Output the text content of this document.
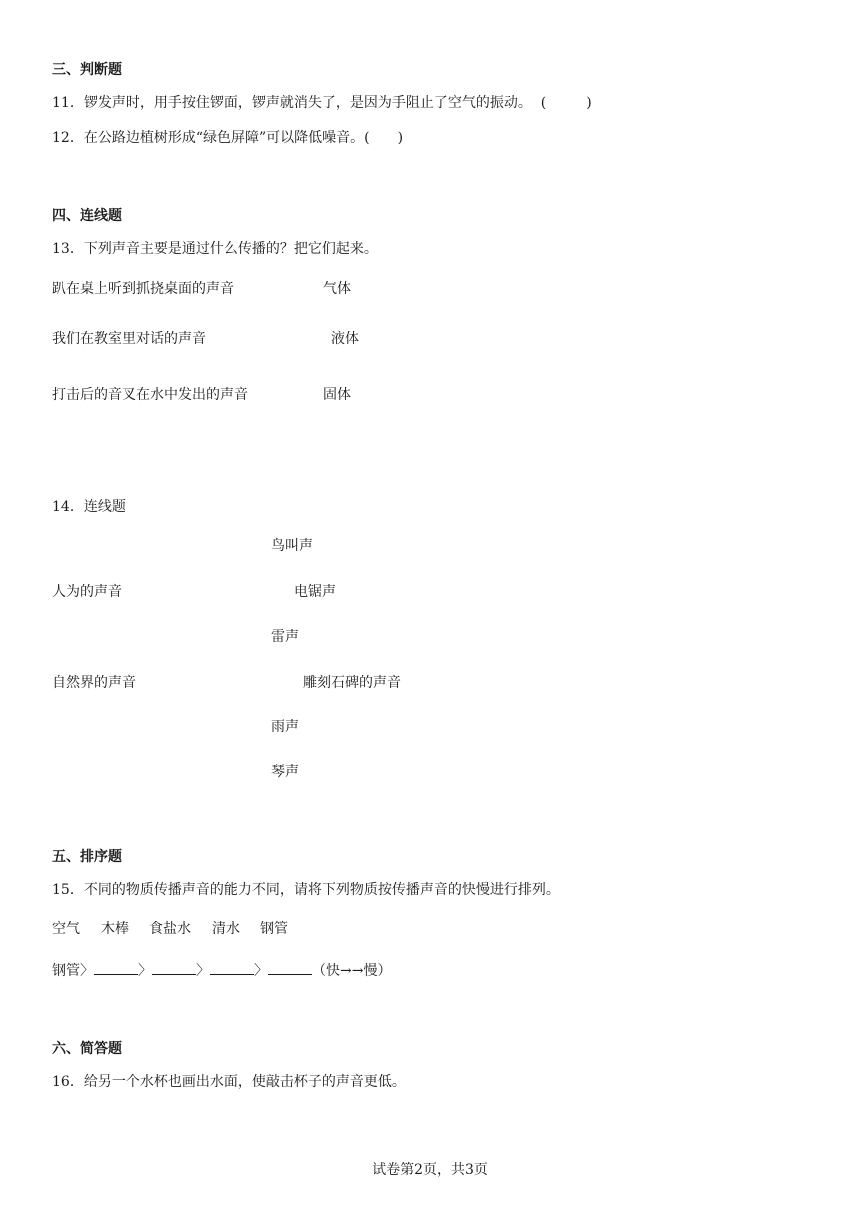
三、判断题
11．锣发声时，用手按住锣面，锣声就消失了，是因为手阻止了空气的振动。 (	)
12．在公路边植树形成“绿色屏障”可以降低噪音。( )
四、连线题
13．下列声音主要是通过什么传播的？把它们起来。
趴在桌上听到抓挠桌面的声音	气体
我们在教室里对话的声音	液体
打击后的音叉在水中发出的声音	固体
14．连线题
鸟叫声
人为的声音	电锯声
雷声
自然界的声音	雕刻石碑的声音
雨声
琴声
五、排序题
15．不同的物质传播声音的能力不同，请将下列物质按传播声音的快慢进行排列。
空气 木棒 食盐水 清水 钢管
钢管〉	〉	〉	〉	（快→→慢）
六、简答题
16．给另一个水杯也画出水面，使敲击杯子的声音更低。
试卷第2页，共3页
